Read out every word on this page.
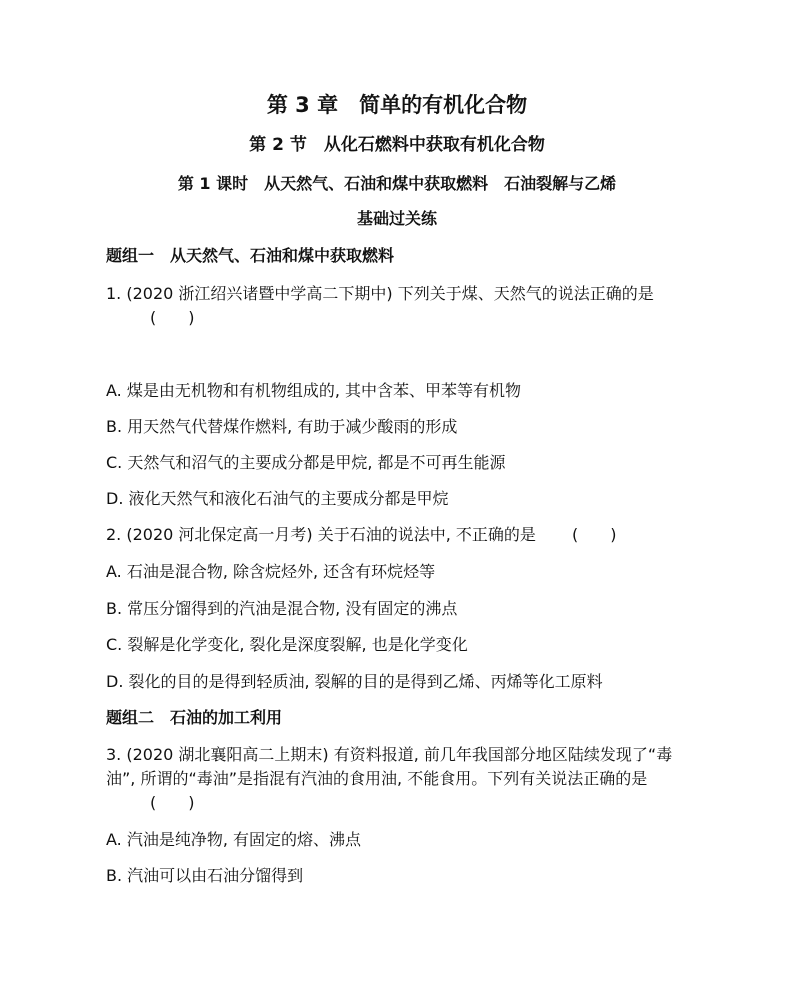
第 3 章　简单的有机化合物
第 2 节　从化石燃料中获取有机化合物
第 1 课时　从天然气、石油和煤中获取燃料　石油裂解与乙烯
基础过关练
题组一　从天然气、石油和煤中获取燃料
1. (2020 浙江绍兴诸暨中学高二下期中) 下列关于煤、天然气的说法正确的是
(　　)
A. 煤是由无机物和有机物组成的, 其中含苯、甲苯等有机物
B. 用天然气代替煤作燃料, 有助于减少酸雨的形成
C. 天然气和沼气的主要成分都是甲烷, 都是不可再生能源
D. 液化天然气和液化石油气的主要成分都是甲烷
2. (2020 河北保定高一月考) 关于石油的说法中, 不正确的是 (　　)
A. 石油是混合物, 除含烷烃外, 还含有环烷烃等
B. 常压分馏得到的汽油是混合物, 没有固定的沸点
C. 裂解是化学变化, 裂化是深度裂解, 也是化学变化
D. 裂化的目的是得到轻质油, 裂解的目的是得到乙烯、丙烯等化工原料
题组二　石油的加工利用
3. (2020 湖北襄阳高二上期末) 有资料报道, 前几年我国部分地区陆续发现了“毒
油”, 所谓的“毒油”是指混有汽油的食用油, 不能食用。下列有关说法正确的是
(　　)
A. 汽油是纯净物, 有固定的熔、沸点
B. 汽油可以由石油分馏得到
